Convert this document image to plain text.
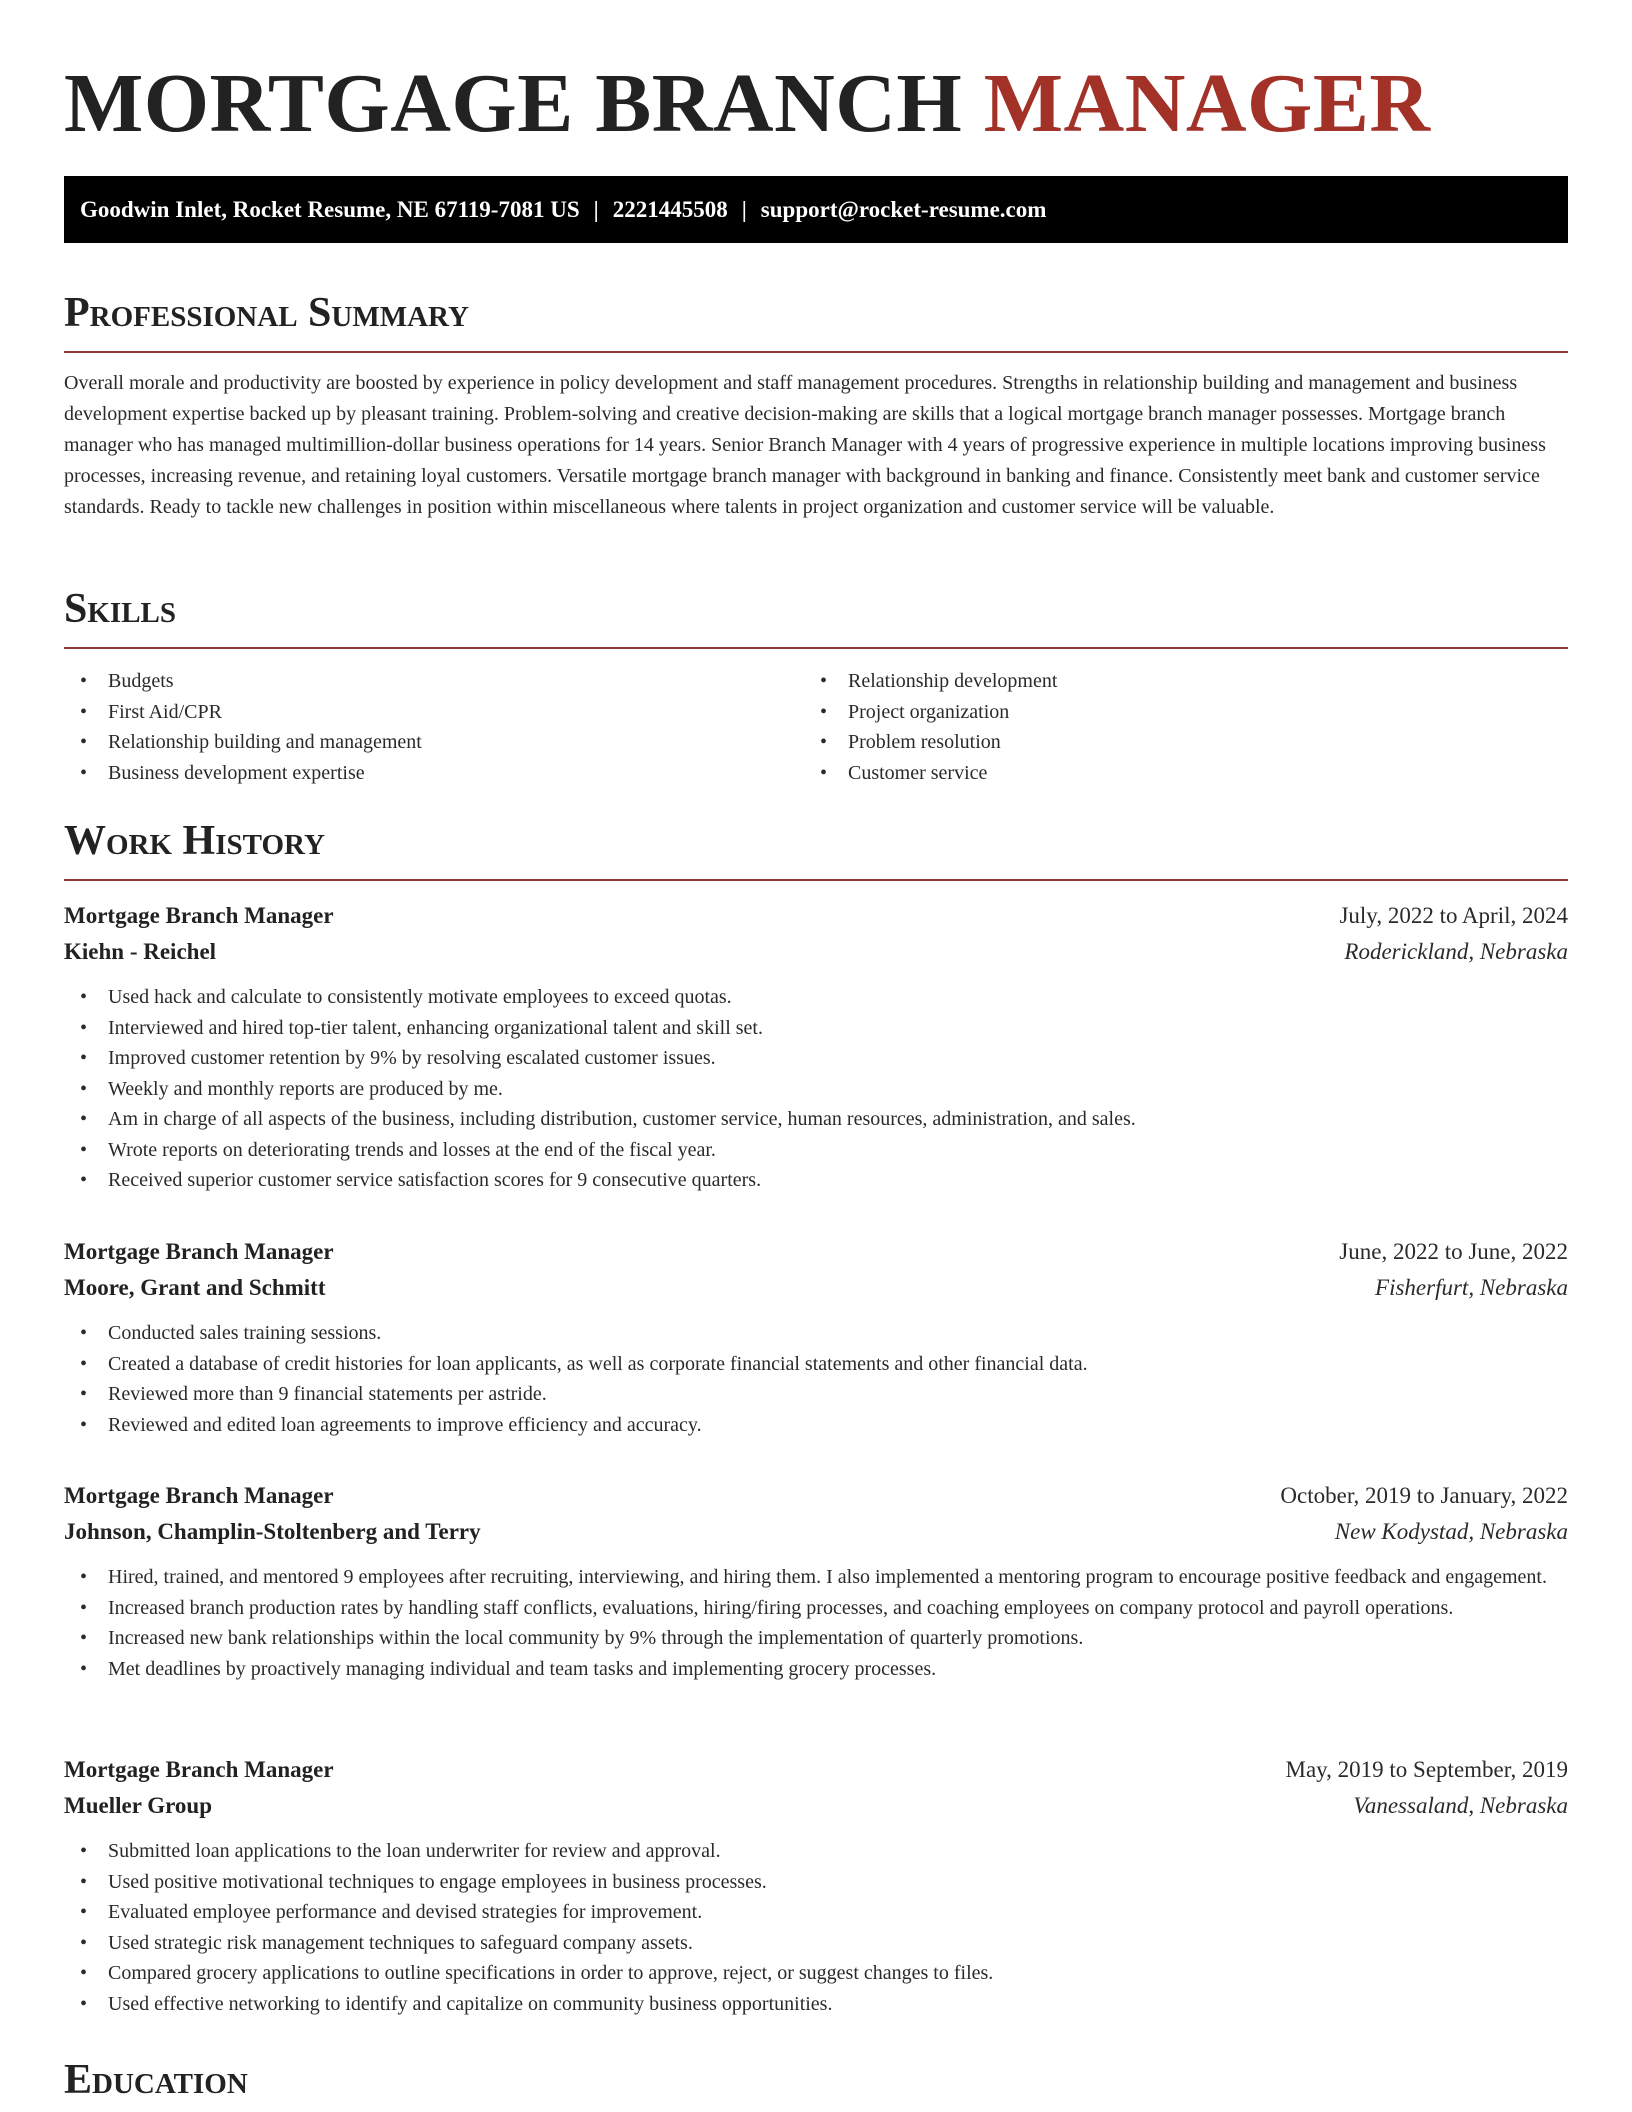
MORTGAGE BRANCH MANAGER
Goodwin Inlet, Rocket Resume, NE 67119-7081 US | 2221445508 | support@rocket-resume.com
Professional Summary

Overall morale and productivity are boosted by experience in policy development and staff management procedures. Strengths in relationship building and management and business development expertise backed up by pleasant training. Problem-solving and creative decision-making are skills that a logical mortgage branch manager possesses. Mortgage branch manager who has managed multimillion-dollar business operations for 14 years. Senior Branch Manager with 4 years of progressive experience in multiple locations improving business processes, increasing revenue, and retaining loyal customers. Versatile mortgage branch manager with background in banking and finance. Consistently meet bank and customer service standards. Ready to tackle new challenges in position within miscellaneous where talents in project organization and customer service will be valuable.

Skills
• Budgets
• First Aid/CPR
• Relationship building and management
• Business development expertise
• Relationship development
• Project organization
• Problem resolution
• Customer service
Work History
Mortgage Branch Manager	July, 2022 to April, 2024
Kiehn - Reichel	Roderickland, Nebraska
• Used hack and calculate to consistently motivate employees to exceed quotas.
• Interviewed and hired top-tier talent, enhancing organizational talent and skill set.
• Improved customer retention by 9% by resolving escalated customer issues.
• Weekly and monthly reports are produced by me.
• Am in charge of all aspects of the business, including distribution, customer service, human resources, administration, and sales.
• Wrote reports on deteriorating trends and losses at the end of the fiscal year.
• Received superior customer service satisfaction scores for 9 consecutive quarters.
Mortgage Branch Manager	June, 2022 to June, 2022
Moore, Grant and Schmitt	Fisherfurt, Nebraska
• Conducted sales training sessions.
• Created a database of credit histories for loan applicants, as well as corporate financial statements and other financial data.
• Reviewed more than 9 financial statements per astride.
• Reviewed and edited loan agreements to improve efficiency and accuracy.
Mortgage Branch Manager	October, 2019 to January, 2022
Johnson, Champlin-Stoltenberg and Terry	New Kodystad, Nebraska
• Hired, trained, and mentored 9 employees after recruiting, interviewing, and hiring them. I also implemented a mentoring program to encourage positive feedback and engagement.
• Increased branch production rates by handling staff conflicts, evaluations, hiring/firing processes, and coaching employees on company protocol and payroll operations.
• Increased new bank relationships within the local community by 9% through the implementation of quarterly promotions.
• Met deadlines by proactively managing individual and team tasks and implementing grocery processes.
Mortgage Branch Manager	May, 2019 to September, 2019
Mueller Group	Vanessaland, Nebraska
• Submitted loan applications to the loan underwriter for review and approval.
• Used positive motivational techniques to engage employees in business processes.
• Evaluated employee performance and devised strategies for improvement.
• Used strategic risk management techniques to safeguard company assets.
• Compared grocery applications to outline specifications in order to approve, reject, or suggest changes to files.
• Used effective networking to identify and capitalize on community business opportunities.
Education
